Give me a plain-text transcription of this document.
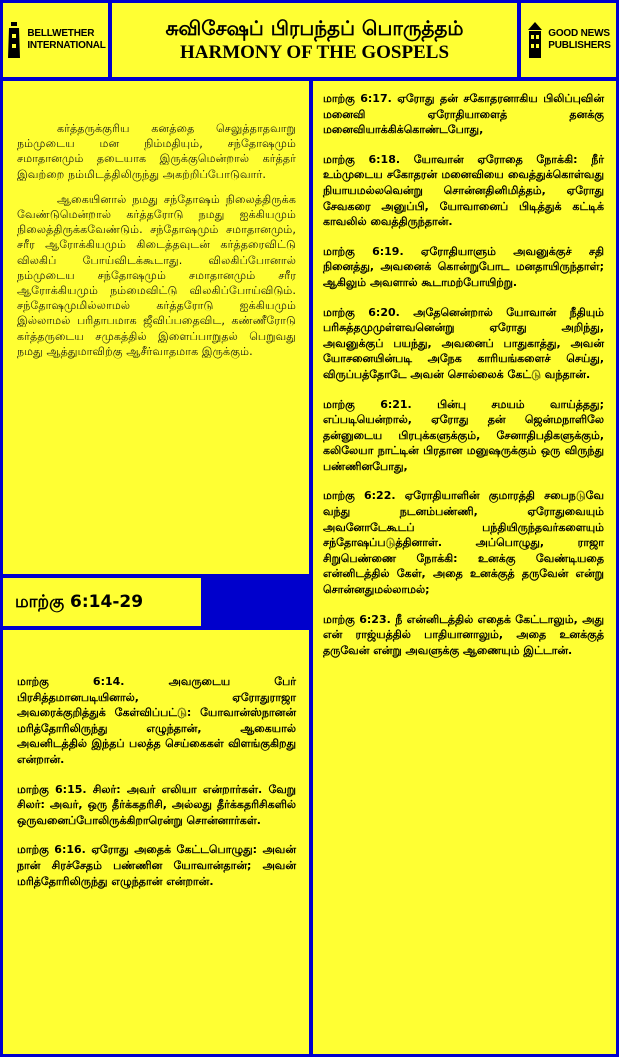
BELLWETHER
INTERNATIONAL
சுவிசேஷப் பிரபந்தப் பொருத்தம்
HARMONY OF THE GOSPELS
GOOD NEWS
PUBLISHERS

கர்த்தருக்குரிய கனத்தை செலுத்தாதவாறு நம்முடைய மன நிம்மதியும், சந்தோஷமும் சமாதானமும் தடையாக இருக்குமென்றால் கர்த்தர் இவற்றை நம்மிடத்திலிருந்து அகற்றிப்போடுவார்.

ஆகையினால் நமது சந்தோஷம் நிலைத்திருக்க வேண்டுமென்றால் கர்த்தரோடு நமது ஐக்கியமும் நிலைத்திருக்கவேண்டும். சந்தோஷமும் சமாதானமும், சரீர ஆரோக்கியமும் கிடைத்தவுடன் கர்த்தரைவிட்டு விலகிப் போய்விடக்கூடாது. விலகிப்போனால் நம்முடைய சந்தோஷமும் சமாதானமும் சரீர ஆரோக்கியமும் நம்மைவிட்டு விலகிப்போய்விடும். சந்தோஷமுமில்லாமல் கர்த்தரோடு ஐக்கியமும் இல்லாமல் பரிதாபமாக ஜீவிப்பதைவிட, கண்ணீரோடு கர்த்தருடைய சமுகத்தில் இளைப்பாறுதல் பெறுவது நமது ஆத்துமாவிற்கு ஆசீர்வாதமாக இருக்கும்.

மாற்கு 6:14-29

மாற்கு 6:14. அவருடைய பேர் பிரசித்தமானபடியினால், ஏரோதுராஜா அவரைக்குறித்துக் கேள்விப்பட்டு: யோவான்ஸ்நானன் மரித்தோரிலிருந்து எழுந்தான், ஆகையால் அவனிடத்தில் இந்தப் பலத்த செய்கைகள் விளங்குகிறது என்றான்.

மாற்கு 6:15. சிலர்: அவர் எலியா என்றார்கள். வேறு சிலர்: அவர், ஒரு தீர்க்கதரிசி, அல்லது தீர்க்கதரிசிகளில் ஒருவனைப்போலிருக்கிறாரென்று சொன்னார்கள்.

மாற்கு 6:16. ஏரோது அதைக் கேட்டபொழுது: அவன் நான் சிரச்சேதம் பண்ணின யோவான்தான்; அவன் மரித்தோரிலிருந்து எழுந்தான் என்றான்.

மாற்கு 6:17. ஏரோது தன் சகோதரனாகிய பிலிப்புவின் மனைவி ஏரோதியாளைத் தனக்கு மனைவியாக்கிக்கொண்டபோது,

மாற்கு 6:18. யோவான் ஏரோதை நோக்கி: நீர் உம்முடைய சகோதரன் மனைவியை வைத்துக்கொள்வது நியாயமல்லவென்று சொன்னதினிமித்தம், ஏரோது சேவகரை அனுப்பி, யோவானைப் பிடித்துக் கட்டிக் காவலில் வைத்திருந்தான்.

மாற்கு 6:19. ஏரோதியாளும் அவனுக்குச் சதி நினைத்து, அவனைக் கொன்றுபோட மனதாயிருந்தாள்; ஆகிலும் அவளால் கூடாமற்போயிற்று.

மாற்கு 6:20. அதேனென்றால் யோவான் நீதியும் பரிசுத்தமுமுள்ளவனென்று ஏரோது அறிந்து, அவனுக்குப் பயந்து, அவனைப் பாதுகாத்து, அவன் யோசனையின்படி அநேக காரியங்களைச் செய்து, விருப்பத்தோடே அவன் சொல்லைக் கேட்டு வந்தான்.

மாற்கு 6:21. பின்பு சமயம் வாய்த்தது; எப்படியென்றால், ஏரோது தன் ஜென்மநாளிலே தன்னுடைய பிரபுக்களுக்கும், சேனாதிபதிகளுக்கும், கலிலேயா நாட்டின் பிரதான மனுஷருக்கும் ஒரு விருந்து பண்ணினபோது,

மாற்கு 6:22. ஏரோதியாளின் குமாரத்தி சபைநடுவே வந்து நடனம்பண்ணி, ஏரோதுவையும் அவனோடேகூடப் பந்தியிருந்தவர்களையும் சந்தோஷப்படுத்தினாள். அப்பொழுது, ராஜா சிறுபெண்ணை நோக்கி: உனக்கு வேண்டியதை என்னிடத்தில் கேள், அதை உனக்குத் தருவேன் என்று சொன்னதுமல்லாமல்;

மாற்கு 6:23. நீ என்னிடத்தில் எதைக் கேட்டாலும், அது என் ராஜ்யத்தில் பாதியானாலும், அதை உனக்குத் தருவேன் என்று அவளுக்கு ஆணையும் இட்டான்.
